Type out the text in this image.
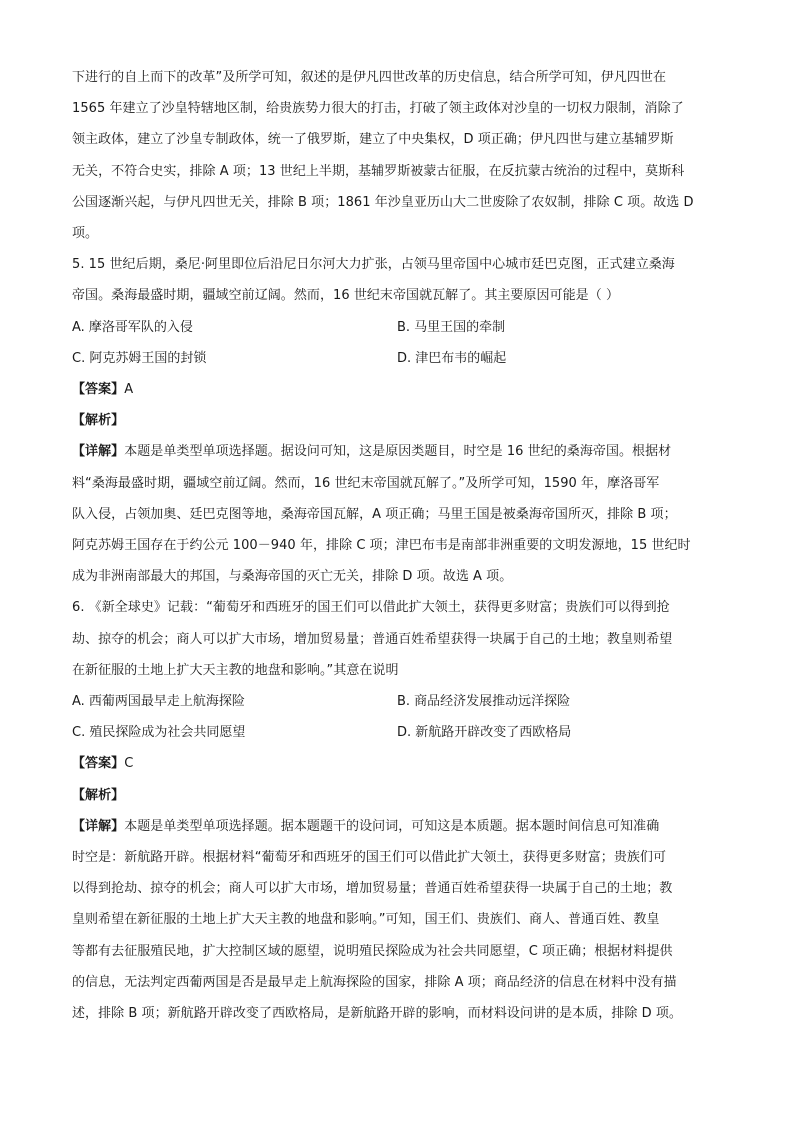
下进行的自上而下的改革”及所学可知，叙述的是伊凡四世改革的历史信息，结合所学可知，伊凡四世在
1565 年建立了沙皇特辖地区制，给贵族势力很大的打击，打破了领主政体对沙皇的一切权力限制，消除了
领主政体，建立了沙皇专制政体，统一了俄罗斯，建立了中央集权，D 项正确；伊凡四世与建立基辅罗斯
无关，不符合史实，排除 A 项；13 世纪上半期，基辅罗斯被蒙古征服，在反抗蒙古统治的过程中，莫斯科
公国逐渐兴起，与伊凡四世无关，排除 B 项；1861 年沙皇亚历山大二世废除了农奴制，排除 C 项。故选 D
项。
5. 15 世纪后期，桑尼·阿里即位后沿尼日尔河大力扩张，占领马里帝国中心城市廷巴克图，正式建立桑海
帝国。桑海最盛时期，疆域空前辽阔。然而，16 世纪末帝国就瓦解了。其主要原因可能是（ ）
A. 摩洛哥军队的入侵	B. 马里王国的牵制
C. 阿克苏姆王国的封锁	D. 津巴布韦的崛起
【答案】A
【解析】
【详解】本题是单类型单项选择题。据设问可知，这是原因类题目，时空是 16 世纪的桑海帝国。根据材
料“桑海最盛时期，疆域空前辽阔。然而，16 世纪末帝国就瓦解了。”及所学可知，1590 年，摩洛哥军
队入侵，占领加奥、廷巴克图等地，桑海帝国瓦解，A 项正确；马里王国是被桑海帝国所灭，排除 B 项；
阿克苏姆王国存在于约公元 100－940 年，排除 C 项；津巴布韦是南部非洲重要的文明发源地，15 世纪时
成为非洲南部最大的邦国，与桑海帝国的灭亡无关，排除 D 项。故选 A 项。
6. 《新全球史》记载：“葡萄牙和西班牙的国王们可以借此扩大领土，获得更多财富；贵族们可以得到抢
劫、掠夺的机会；商人可以扩大市场，增加贸易量；普通百姓希望获得一块属于自己的土地；教皇则希望
在新征服的土地上扩大天主教的地盘和影响。”其意在说明
A. 西葡两国最早走上航海探险	B. 商品经济发展推动远洋探险
C. 殖民探险成为社会共同愿望	D. 新航路开辟改变了西欧格局
【答案】C
【解析】
【详解】本题是单类型单项选择题。据本题题干的设问词，可知这是本质题。据本题时间信息可知准确
时空是：新航路开辟。根据材料“葡萄牙和西班牙的国王们可以借此扩大领土，获得更多财富；贵族们可
以得到抢劫、掠夺的机会；商人可以扩大市场，增加贸易量；普通百姓希望获得一块属于自己的土地；教
皇则希望在新征服的土地上扩大天主教的地盘和影响。”可知，国王们、贵族们、商人、普通百姓、教皇
等都有去征服殖民地，扩大控制区域的愿望，说明殖民探险成为社会共同愿望，C 项正确；根据材料提供
的信息，无法判定西葡两国是否是最早走上航海探险的国家，排除 A 项；商品经济的信息在材料中没有描
述，排除 B 项；新航路开辟改变了西欧格局，是新航路开辟的影响，而材料设问讲的是本质，排除 D 项。
